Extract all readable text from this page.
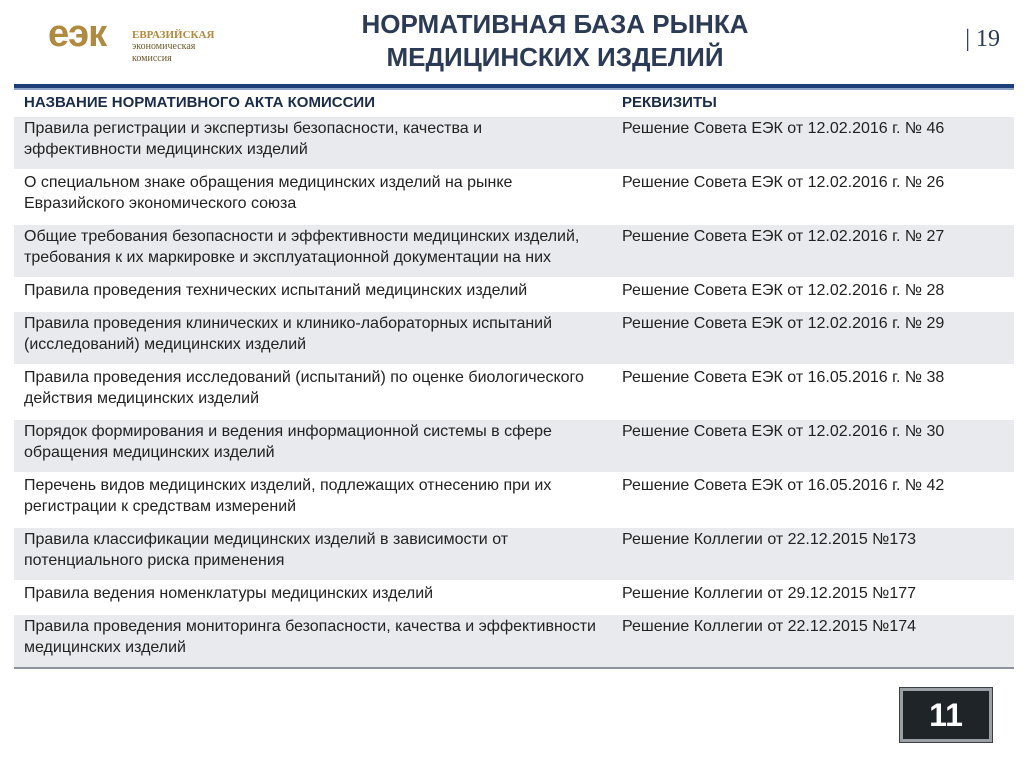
еэк ЕВРАЗИЙСКАЯ
экономическая
комиссия
НОРМАТИВНАЯ БАЗА РЫНКА
МЕДИЦИНСКИХ ИЗДЕЛИЙ
| 19
НАЗВАНИЕ НОРМАТИВНОГО АКТА КОМИССИИ	РЕКВИЗИТЫ
Правила регистрации и экспертизы безопасности, качества и эффективности медицинских изделий	Решение Совета ЕЭК от 12.02.2016 г. № 46
О специальном знаке обращения медицинских изделий на рынке Евразийского экономического союза	Решение Совета ЕЭК от 12.02.2016 г. № 26
Общие требования безопасности и эффективности медицинских изделий, требования к их маркировке и эксплуатационной документации на них	Решение Совета ЕЭК от 12.02.2016 г. № 27
Правила проведения технических испытаний медицинских изделий	Решение Совета ЕЭК от 12.02.2016 г. № 28
Правила проведения клинических и клинико-лабораторных испытаний (исследований) медицинских изделий	Решение Совета ЕЭК от 12.02.2016 г. № 29
Правила проведения исследований (испытаний) по оценке биологического действия медицинских изделий	Решение Совета ЕЭК от 16.05.2016 г. № 38
Порядок формирования и ведения информационной системы в сфере обращения медицинских изделий	Решение Совета ЕЭК от 12.02.2016 г. № 30
Перечень видов медицинских изделий, подлежащих отнесению при их регистрации к средствам измерений	Решение Совета ЕЭК от 16.05.2016 г. № 42
Правила классификации медицинских изделий в зависимости от потенциального риска применения	Решение Коллегии от 22.12.2015 №173
Правила ведения номенклатуры медицинских изделий	Решение Коллегии от 29.12.2015 №177
Правила проведения мониторинга безопасности, качества и эффективности медицинских изделий	Решение Коллегии от 22.12.2015 №174
11
